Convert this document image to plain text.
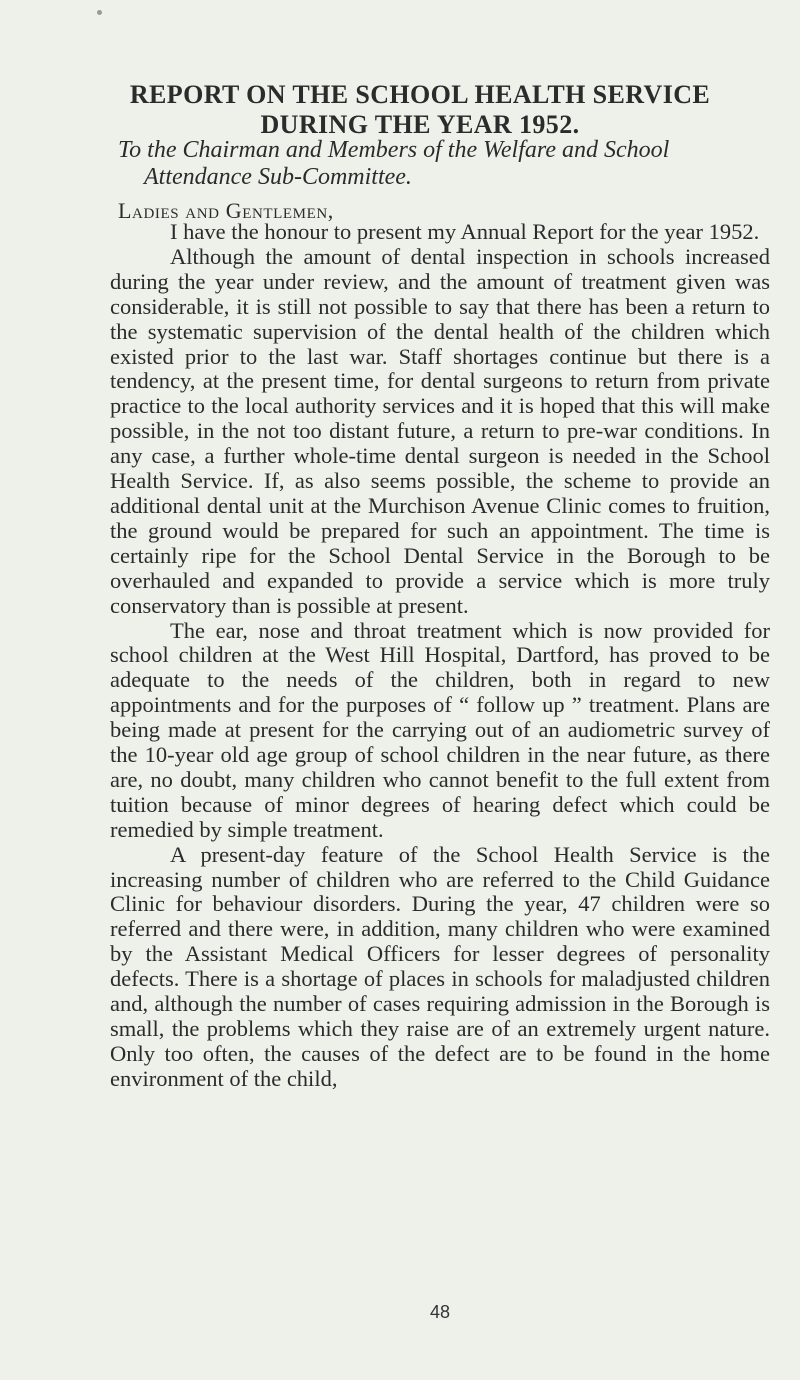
REPORT ON THE SCHOOL HEALTH SERVICE
DURING THE YEAR 1952.
To the Chairman and Members of the Welfare and School
Attendance Sub-Committee.
Ladies and Gentlemen,

I have the honour to present my Annual Report for the year 1952.

Although the amount of dental inspection in schools increased during the year under review, and the amount of treatment given was considerable, it is still not possible to say that there has been a return to the systematic supervision of the dental health of the children which existed prior to the last war. Staff shortages continue but there is a tendency, at the present time, for dental surgeons to return from private practice to the local authority services and it is hoped that this will make possible, in the not too distant future, a return to pre-war conditions. In any case, a further whole-time dental surgeon is needed in the School Health Service. If, as also seems possible, the scheme to provide an additional dental unit at the Murchison Avenue Clinic comes to fruition, the ground would be prepared for such an appointment. The time is certainly ripe for the School Dental Service in the Borough to be overhauled and expanded to provide a service which is more truly conservatory than is possible at present.

The ear, nose and throat treatment which is now provided for school children at the West Hill Hospital, Dartford, has proved to be adequate to the needs of the children, both in regard to new appointments and for the purposes of “ follow up ” treatment. Plans are being made at present for the carrying out of an audiometric survey of the 10-year old age group of school children in the near future, as there are, no doubt, many children who cannot benefit to the full extent from tuition because of minor degrees of hearing defect which could be remedied by simple treatment.

A present-day feature of the School Health Service is the increasing number of children who are referred to the Child Guidance Clinic for behaviour disorders. During the year, 47 children were so referred and there were, in addition, many children who were examined by the Assistant Medical Officers for lesser degrees of personality defects. There is a shortage of places in schools for maladjusted children and, although the number of cases requiring admission in the Borough is small, the problems which they raise are of an extremely urgent nature. Only too often, the causes of the defect are to be found in the home environment of the child,

48
